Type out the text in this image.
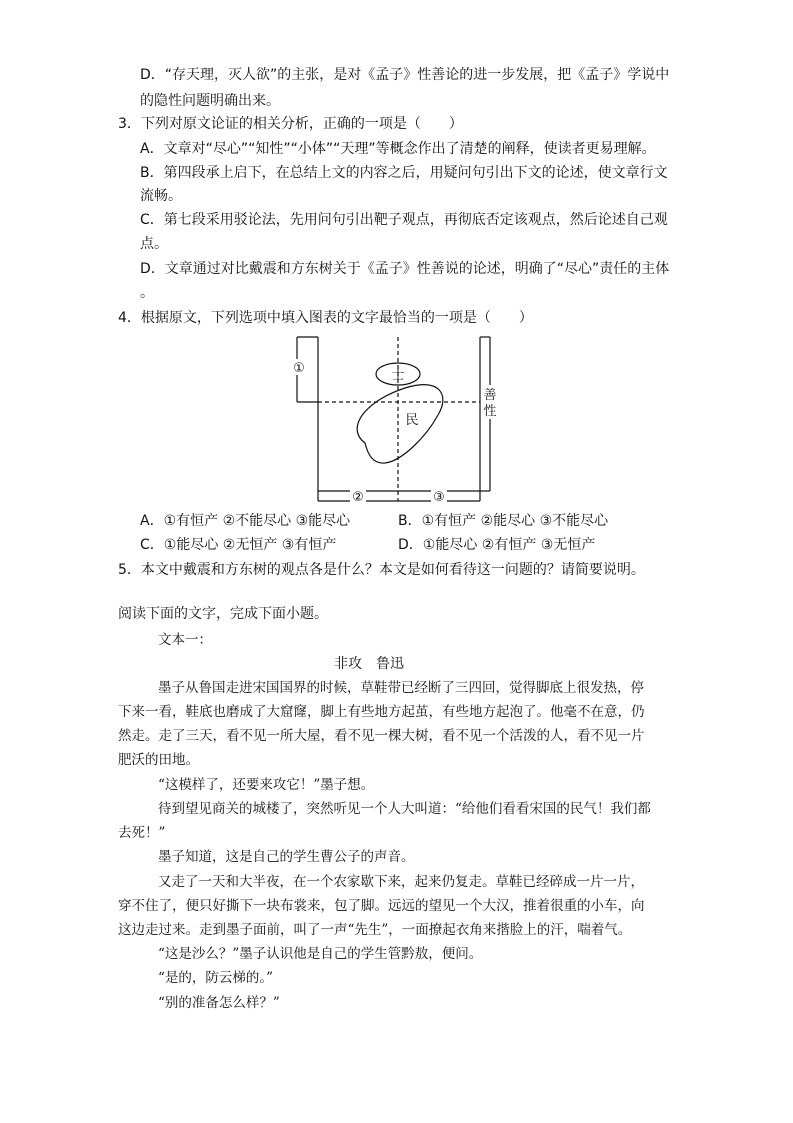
D．“存天理，灭人欲”的主张，是对《孟子》性善论的进一步发展，把《孟子》学说中
的隐性问题明确出来。
3．下列对原文论证的相关分析，正确的一项是（　　）
A．文章对“尽心”“知性”“小体”“天理”等概念作出了清楚的阐释，使读者更易理解。
B．第四段承上启下，在总结上文的内容之后，用疑问句引出下文的论述，使文章行文
流畅。
C．第七段采用驳论法，先用问句引出靶子观点，再彻底否定该观点，然后论述自己观
点。
D．文章通过对比戴震和方东树关于《孟子》性善说的论述，明确了“尽心”责任的主体
。
4．根据原文，下列选项中填入图表的文字最恰当的一项是（　　）
①
②	③
士
民
善
性
A．①有恒产 ②不能尽心 ③能尽心	B．①有恒产 ②能尽心 ③不能尽心
C．①能尽心 ②无恒产 ③有恒产	D．①能尽心 ②有恒产 ③无恒产
5．本文中戴震和方东树的观点各是什么？本文是如何看待这一问题的？请简要说明。
阅读下面的文字，完成下面小题。
文本一：
非攻　鲁迅
墨子从鲁国走进宋国国界的时候，草鞋带已经断了三四回，觉得脚底上很发热，停
下来一看，鞋底也磨成了大窟窿，脚上有些地方起茧，有些地方起泡了。他毫不在意，仍
然走。走了三天，看不见一所大屋，看不见一棵大树，看不见一个活泼的人，看不见一片
肥沃的田地。
“这模样了，还要来攻它！”墨子想。
待到望见商关的城楼了，突然听见一个人大叫道：“给他们看看宋国的民气！我们都
去死！”
墨子知道，这是自己的学生曹公子的声音。
又走了一天和大半夜，在一个农家歇下来，起来仍复走。草鞋已经碎成一片一片，
穿不住了，便只好撕下一块布裳来，包了脚。远远的望见一个大汉，推着很重的小车，向
这边走过来。走到墨子面前，叫了一声“先生”，一面撩起衣角来揩脸上的汗，喘着气。
“这是沙么？”墨子认识他是自己的学生管黔敖，便问。
“是的，防云梯的。”
“别的准备怎么样？”
